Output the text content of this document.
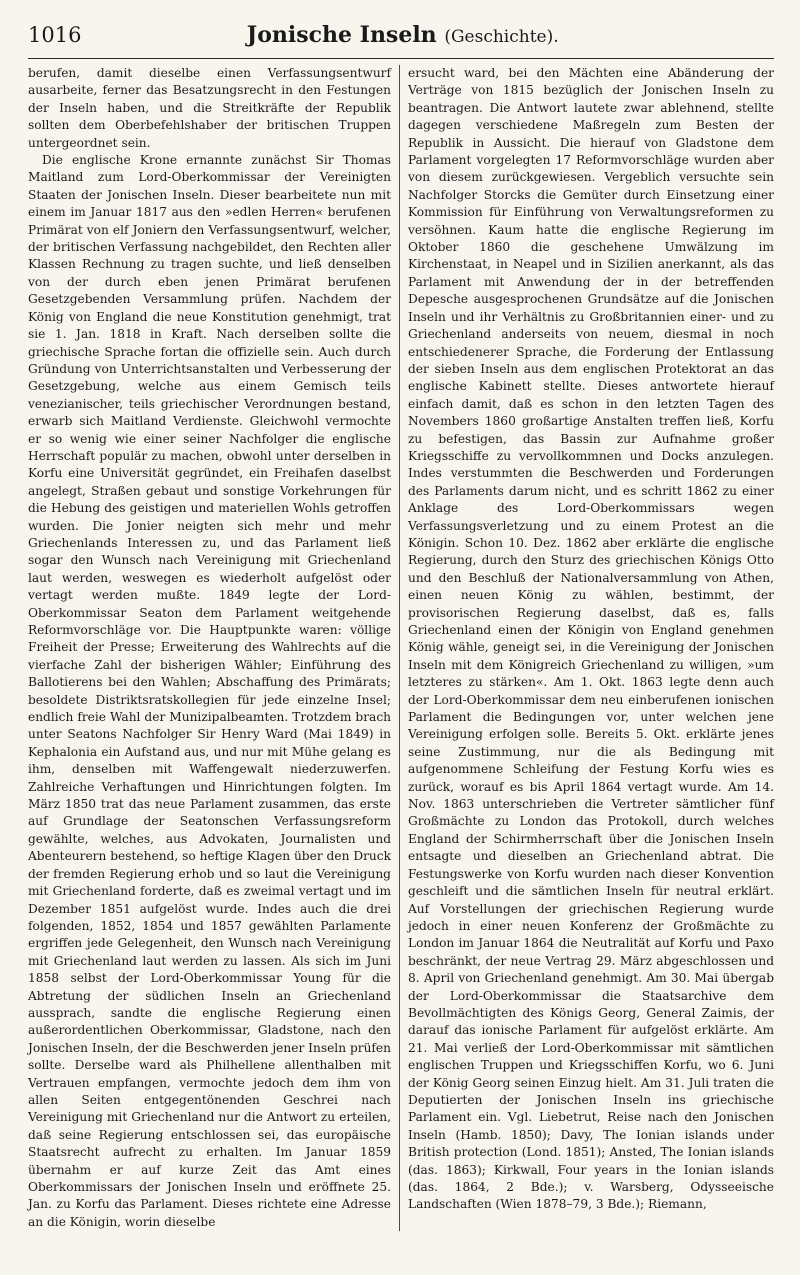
1016	Jonische Inseln (Geschichte).

berufen, damit dieselbe einen Verfassungsentwurf ausarbeite, ferner das Besatzungsrecht in den Festungen der Inseln haben, und die Streitkräfte der Republik sollten dem Oberbefehlshaber der britischen Truppen untergeordnet sein.

Die englische Krone ernannte zunächst Sir Thomas Maitland zum Lord-Oberkommissar der Vereinigten Staaten der Jonischen Inseln. Dieser bearbeitete nun mit einem im Januar 1817 aus den »edlen Herren« berufenen Primärat von elf Joniern den Verfassungsentwurf, welcher, der britischen Verfassung nachgebildet, den Rechten aller Klassen Rechnung zu tragen suchte, und ließ denselben von der durch eben jenen Primärat berufenen Gesetzgebenden Versammlung prüfen. Nachdem der König von England die neue Konstitution genehmigt, trat sie 1. Jan. 1818 in Kraft. Nach derselben sollte die griechische Sprache fortan die offizielle sein. Auch durch Gründung von Unterrichtsanstalten und Verbesserung der Gesetzgebung, welche aus einem Gemisch teils venezianischer, teils griechischer Verordnungen bestand, erwarb sich Maitland Verdienste. Gleichwohl vermochte er so wenig wie einer seiner Nachfolger die englische Herrschaft populär zu machen, obwohl unter derselben in Korfu eine Universität gegründet, ein Freihafen daselbst angelegt, Straßen gebaut und sonstige Vorkehrungen für die Hebung des geistigen und materiellen Wohls getroffen wurden. Die Jonier neigten sich mehr und mehr Griechenlands Interessen zu, und das Parlament ließ sogar den Wunsch nach Vereinigung mit Griechenland laut werden, weswegen es wiederholt aufgelöst oder vertagt werden mußte. 1849 legte der Lord-Oberkommissar Seaton dem Parlament weitgehende Reformvorschläge vor. Die Hauptpunkte waren: völlige Freiheit der Presse; Erweiterung des Wahlrechts auf die vierfache Zahl der bisherigen Wähler; Einführung des Ballotierens bei den Wahlen; Abschaffung des Primärats; besoldete Distriktsratskollegien für jede einzelne Insel; endlich freie Wahl der Munizipalbeamten. Trotzdem brach unter Seatons Nachfolger Sir Henry Ward (Mai 1849) in Kephalonia ein Aufstand aus, und nur mit Mühe gelang es ihm, denselben mit Waffengewalt niederzuwerfen. Zahlreiche Verhaftungen und Hinrichtungen folgten. Im März 1850 trat das neue Parlament zusammen, das erste auf Grundlage der Seatonschen Verfassungsreform gewählte, welches, aus Advokaten, Journalisten und Abenteurern bestehend, so heftige Klagen über den Druck der fremden Regierung erhob und so laut die Vereinigung mit Griechenland forderte, daß es zweimal vertagt und im Dezember 1851 aufgelöst wurde. Indes auch die drei folgenden, 1852, 1854 und 1857 gewählten Parlamente ergriffen jede Gelegenheit, den Wunsch nach Vereinigung mit Griechenland laut werden zu lassen. Als sich im Juni 1858 selbst der Lord-Oberkommissar Young für die Abtretung der südlichen Inseln an Griechenland aussprach, sandte die englische Regierung einen außerordentlichen Oberkommissar, Gladstone, nach den Jonischen Inseln, der die Beschwerden jener Inseln prüfen sollte. Derselbe ward als Philhellene allenthalben mit Vertrauen empfangen, vermochte jedoch dem ihm von allen Seiten entgegentönenden Geschrei nach Vereinigung mit Griechenland nur die Antwort zu erteilen, daß seine Regierung entschlossen sei, das europäische Staatsrecht aufrecht zu erhalten. Im Januar 1859 übernahm er auf kurze Zeit das Amt eines Oberkommissars der Jonischen Inseln und eröffnete 25. Jan. zu Korfu das Parlament. Dieses richtete eine Adresse an die Königin, worin dieselbe

ersucht ward, bei den Mächten eine Abänderung der Verträge von 1815 bezüglich der Jonischen Inseln zu beantragen. Die Antwort lautete zwar ablehnend, stellte dagegen verschiedene Maßregeln zum Besten der Republik in Aussicht. Die hierauf von Gladstone dem Parlament vorgelegten 17 Reformvorschläge wurden aber von diesem zurückgewiesen. Vergeblich versuchte sein Nachfolger Storcks die Gemüter durch Einsetzung einer Kommission für Einführung von Verwaltungsreformen zu versöhnen. Kaum hatte die englische Regierung im Oktober 1860 die geschehene Umwälzung im Kirchenstaat, in Neapel und in Sizilien anerkannt, als das Parlament mit Anwendung der in der betreffenden Depesche ausgesprochenen Grundsätze auf die Jonischen Inseln und ihr Verhältnis zu Großbritannien einer- und zu Griechenland anderseits von neuem, diesmal in noch entschiedenerer Sprache, die Forderung der Entlassung der sieben Inseln aus dem englischen Protektorat an das englische Kabinett stellte. Dieses antwortete hierauf einfach damit, daß es schon in den letzten Tagen des Novembers 1860 großartige Anstalten treffen ließ, Korfu zu befestigen, das Bassin zur Aufnahme großer Kriegsschiffe zu vervollkommnen und Docks anzulegen. Indes verstummten die Beschwerden und Forderungen des Parlaments darum nicht, und es schritt 1862 zu einer Anklage des Lord-Oberkommissars wegen Verfassungsverletzung und zu einem Protest an die Königin. Schon 10. Dez. 1862 aber erklärte die englische Regierung, durch den Sturz des griechischen Königs Otto und den Beschluß der Nationalversammlung von Athen, einen neuen König zu wählen, bestimmt, der provisorischen Regierung daselbst, daß es, falls Griechenland einen der Königin von England genehmen König wähle, geneigt sei, in die Vereinigung der Jonischen Inseln mit dem Königreich Griechenland zu willigen, »um letzteres zu stärken«. Am 1. Okt. 1863 legte denn auch der Lord-Oberkommissar dem neu einberufenen ionischen Parlament die Bedingungen vor, unter welchen jene Vereinigung erfolgen solle. Bereits 5. Okt. erklärte jenes seine Zustimmung, nur die als Bedingung mit aufgenommene Schleifung der Festung Korfu wies es zurück, worauf es bis April 1864 vertagt wurde. Am 14. Nov. 1863 unterschrieben die Vertreter sämtlicher fünf Großmächte zu London das Protokoll, durch welches England der Schirmherrschaft über die Jonischen Inseln entsagte und dieselben an Griechenland abtrat. Die Festungswerke von Korfu wurden nach dieser Konvention geschleift und die sämtlichen Inseln für neutral erklärt. Auf Vorstellungen der griechischen Regierung wurde jedoch in einer neuen Konferenz der Großmächte zu London im Januar 1864 die Neutralität auf Korfu und Paxo beschränkt, der neue Vertrag 29. März abgeschlossen und 8. April von Griechenland genehmigt. Am 30. Mai übergab der Lord-Oberkommissar die Staatsarchive dem Bevollmächtigten des Königs Georg, General Zaimis, der darauf das ionische Parlament für aufgelöst erklärte. Am 21. Mai verließ der Lord-Oberkommissar mit sämtlichen englischen Truppen und Kriegsschiffen Korfu, wo 6. Juni der König Georg seinen Einzug hielt. Am 31. Juli traten die Deputierten der Jonischen Inseln ins griechische Parlament ein. Vgl. Liebetrut, Reise nach den Jonischen Inseln (Hamb. 1850); Davy, The Ionian islands under British protection (Lond. 1851); Ansted, The Ionian islands (das. 1863); Kirkwall, Four years in the Ionian islands (das. 1864, 2 Bde.); v. Warsberg, Odysseeische Landschaften (Wien 1878–79, 3 Bde.); Riemann,
